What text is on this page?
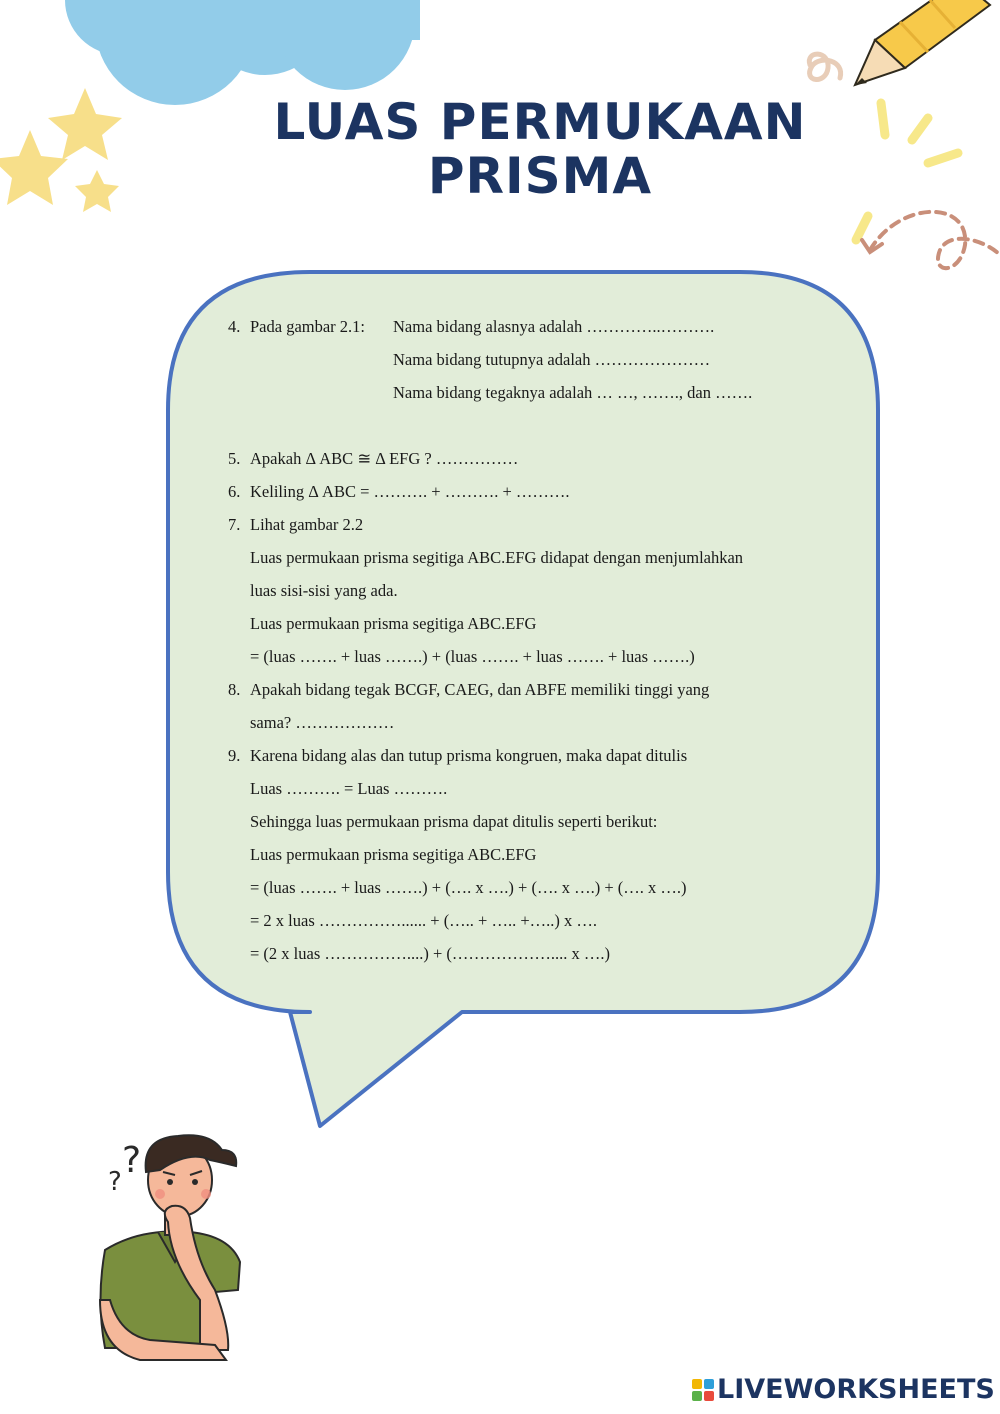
LUAS PERMUKAAN
PRISMA
4. Pada gambar 2.1:	Nama bidang alasnya adalah …………..……….
Nama bidang tutupnya adalah …………………
Nama bidang tegaknya adalah … …, ……., dan …….
5. Apakah Δ ABC ≅ Δ EFG ? ……………
6. Keliling Δ ABC = ………. + ………. + ……….
7. Lihat gambar 2.2
Luas permukaan prisma segitiga ABC.EFG didapat dengan menjumlahkan
luas sisi-sisi yang ada.
Luas permukaan prisma segitiga ABC.EFG
= (luas ……. + luas …….) + (luas ……. + luas ……. + luas …….)
8. Apakah bidang tegak BCGF, CAEG, dan ABFE memiliki tinggi yang
sama? ………………
9. Karena bidang alas dan tutup prisma kongruen, maka dapat ditulis
Luas ………. = Luas ……….
Sehingga luas permukaan prisma dapat ditulis seperti berikut:
Luas permukaan prisma segitiga ABC.EFG
= (luas ……. + luas …….) + (…. x ….) + (…. x ….) + (…. x ….)
= 2 x luas ……………...... + (….. + ….. +…..) x ….
= (2 x luas ……………....) + (……………….... x ….)
?
?
LIVEWORKSHEETS
